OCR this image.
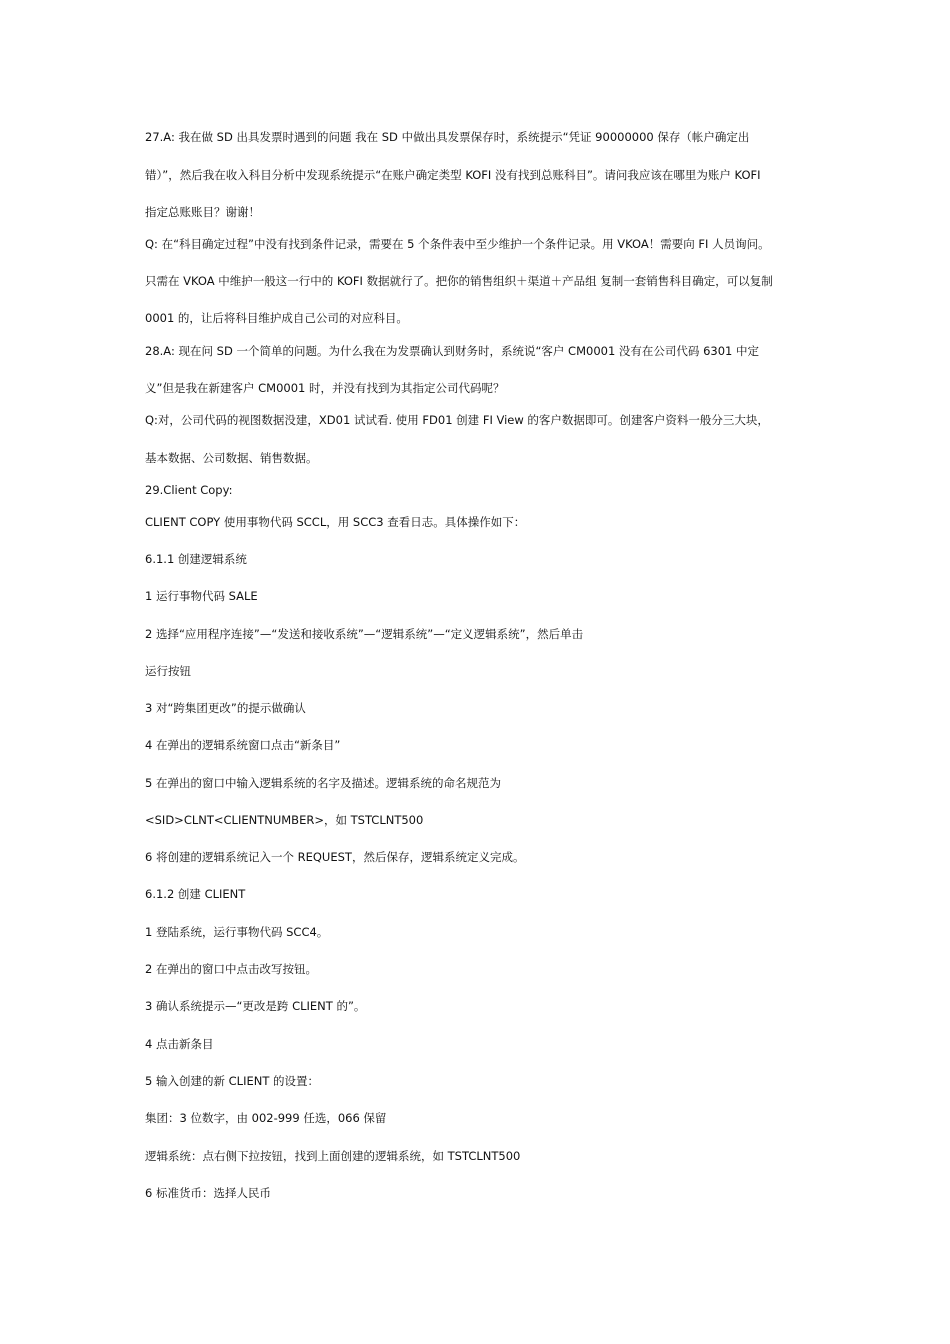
27.A: 我在做 SD 出具发票时遇到的问题 我在 SD 中做出具发票保存时，系统提示“凭证 90000000 保存（帐户确定出
错）”，然后我在收入科目分析中发现系统提示“在账户确定类型 KOFI 没有找到总账科目”。请问我应该在哪里为账户 KOFI
指定总账账目？谢谢！
Q: 在“科目确定过程”中没有找到条件记录，需要在 5 个条件表中至少维护一个条件记录。用 VKOA！需要向 FI 人员询问。
只需在 VKOA 中维护一般这一行中的 KOFI 数据就行了。把你的销售组织＋渠道＋产品组 复制一套销售科目确定，可以复制
0001 的，让后将科目维护成自己公司的对应科目。
28.A: 现在问 SD 一个简单的问题。为什么我在为发票确认到财务时，系统说“客户 CM0001 没有在公司代码 6301 中定
义”但是我在新建客户 CM0001 时，并没有找到为其指定公司代码呢？
Q:对，公司代码的视图数据没建，XD01 试试看. 使用 FD01 创建 FI View 的客户数据即可。创建客户资料一般分三大块，
基本数据、公司数据、销售数据。
29.Client Copy:
CLIENT COPY 使用事物代码 SCCL，用 SCC3 查看日志。具体操作如下：
6.1.1 创建逻辑系统
1 运行事物代码 SALE
2 选择“应用程序连接”—“发送和接收系统”—“逻辑系统”—“定义逻辑系统”，然后单击
运行按钮
3 对“跨集团更改”的提示做确认
4 在弹出的逻辑系统窗口点击“新条目”
5 在弹出的窗口中输入逻辑系统的名字及描述。逻辑系统的命名规范为
<SID>CLNT<CLIENTNUMBER>，如 TSTCLNT500
6 将创建的逻辑系统记入一个 REQUEST，然后保存，逻辑系统定义完成。
6.1.2 创建 CLIENT
1 登陆系统，运行事物代码 SCC4。
2 在弹出的窗口中点击改写按钮。
3 确认系统提示—“更改是跨 CLIENT 的”。
4 点击新条目
5 输入创建的新 CLIENT 的设置：
集团：3 位数字，由 002-999 任选，066 保留
逻辑系统：点右侧下拉按钮，找到上面创建的逻辑系统，如 TSTCLNT500
6 标准货币：选择人民币
